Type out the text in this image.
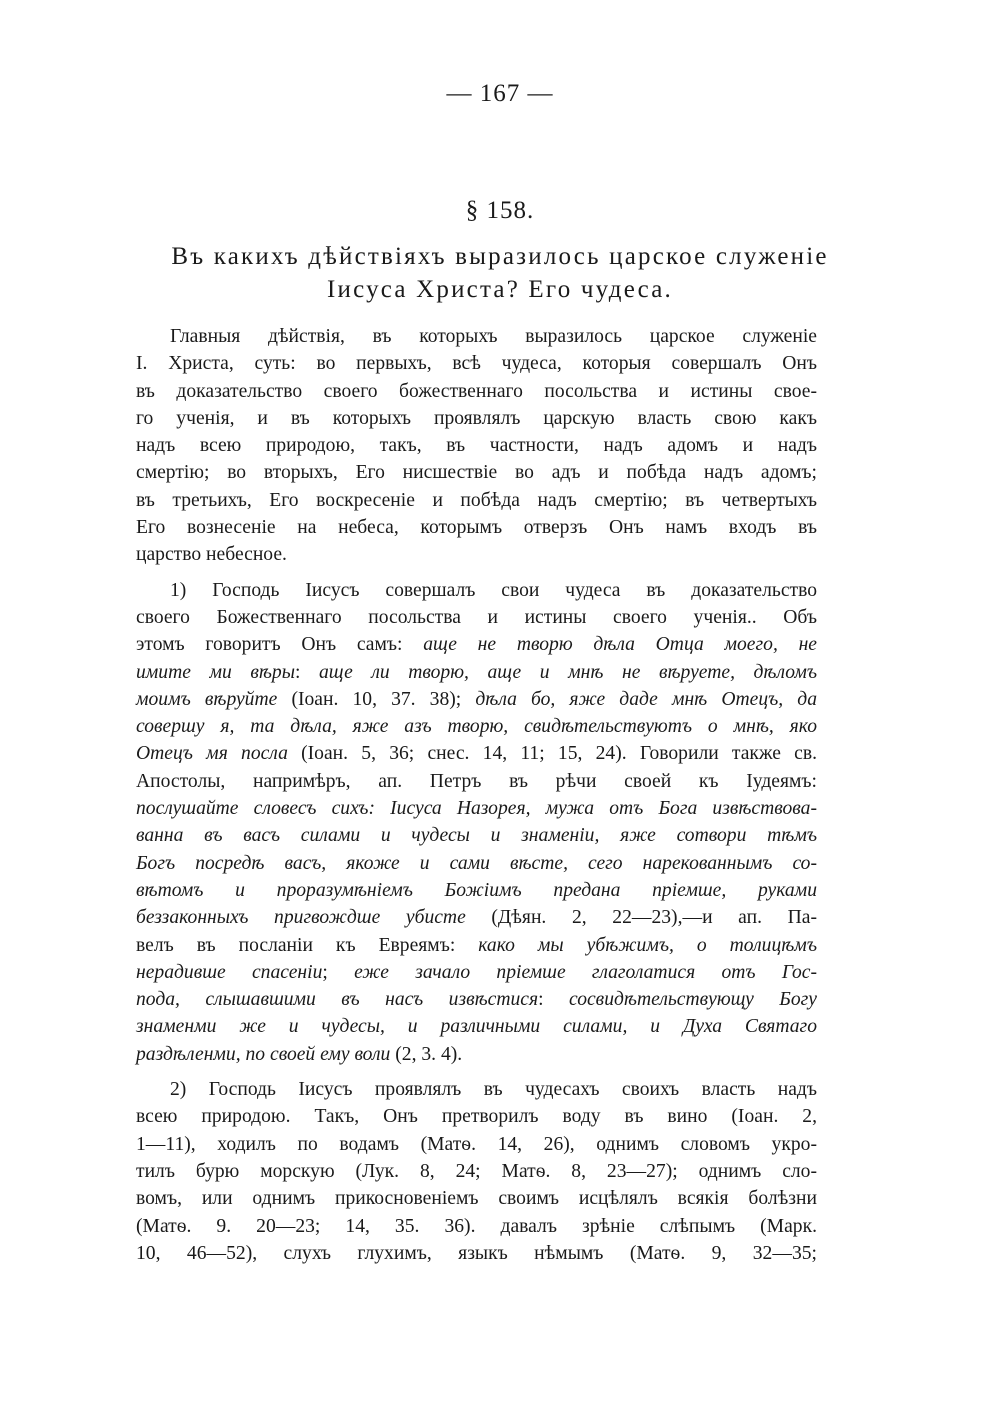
— 167 —
§ 158.
Въ какихъ дѣйствіяхъ выразилось царское служеніе
Іисуса Христа? Его чудеса.
Главныя дѣйствія, въ которыхъ выразилось царское служеніе
І. Христа, суть: во первыхъ, всѣ чудеса, которыя совершалъ Онъ
въ доказательство своего божественнаго посольства и истины свое-
го ученія, и въ которыхъ проявлялъ царскую власть свою какъ
надъ всею природою, такъ, въ частности, надъ адомъ и надъ
смертію; во вторыхъ, Его нисшествіе во адъ и побѣда надъ адомъ;
въ третьихъ, Его воскресеніе и побѣда надъ смертію; въ четвертыхъ
Его вознесеніе на небеса, которымъ отверзъ Онъ намъ входъ въ
царство небесное.
1) Господь Іисусъ совершалъ свои чудеса въ доказательство
своего Божественнаго посольства и истины своего ученія.. Объ
этомъ говоритъ Онъ самъ: аще не творю дѣла Отца моего, не
имите ми вѣры: аще ли творю, аще и мнѣ не вѣруете, дѣломъ
моимъ вѣруйте (Іоан. 10, 37. 38); дѣла бо, яже даде мнѣ Отецъ, да
совершу я, та дѣла, яже азъ творю, свидѣтельствуютъ о мнѣ, яко
Отецъ мя посла (Іоан. 5, 36; снес. 14, 11; 15, 24). Говорили также св.
Апостолы, напримѣръ, ап. Петръ въ рѣчи своей къ Іудеямъ:
послушайте словесъ сихъ: Іисуса Назорея, мужа отъ Бога извѣствова-
ванна въ васъ силами и чудесы и знаменіи, яже сотвори тѣмъ
Богъ посредѣ васъ, якоже и сами вѣсте, сего нарекованнымъ со-
вѣтомъ и проразумѣніемъ Божіимъ предана пріемше, руками
беззаконныхъ пригвождше убисте (Дѣян. 2, 22—23),—и ап. Па-
велъ въ посланіи къ Евреямъ: како мы убѣжимъ, о толицѣмъ
нерадивше спасеніи; еже зачало пріемше глаголатися отъ Гос-
пода, слышавшими въ насъ извѣстися: сосвидѣтельствующу Богу
знаменми же и чудесы, и различными силами, и Духа Святаго
раздѣленми, по своей ему воли (2, 3. 4).
2) Господь Іисусъ проявлялъ въ чудесахъ своихъ власть надъ
всею природою. Такъ, Онъ претворилъ воду въ вино (Іоан. 2,
1—11), ходилъ по водамъ (Матѳ. 14, 26), однимъ словомъ укро-
тилъ бурю морскую (Лук. 8, 24; Матѳ. 8, 23—27); однимъ сло-
вомъ, или однимъ прикосновеніемъ своимъ исцѣлялъ всякія болѣзни
(Матѳ. 9. 20—23; 14, 35. 36). давалъ зрѣніе слѣпымъ (Марк.
10, 46—52), слухъ глухимъ, языкъ нѣмымъ (Матѳ. 9, 32—35;
